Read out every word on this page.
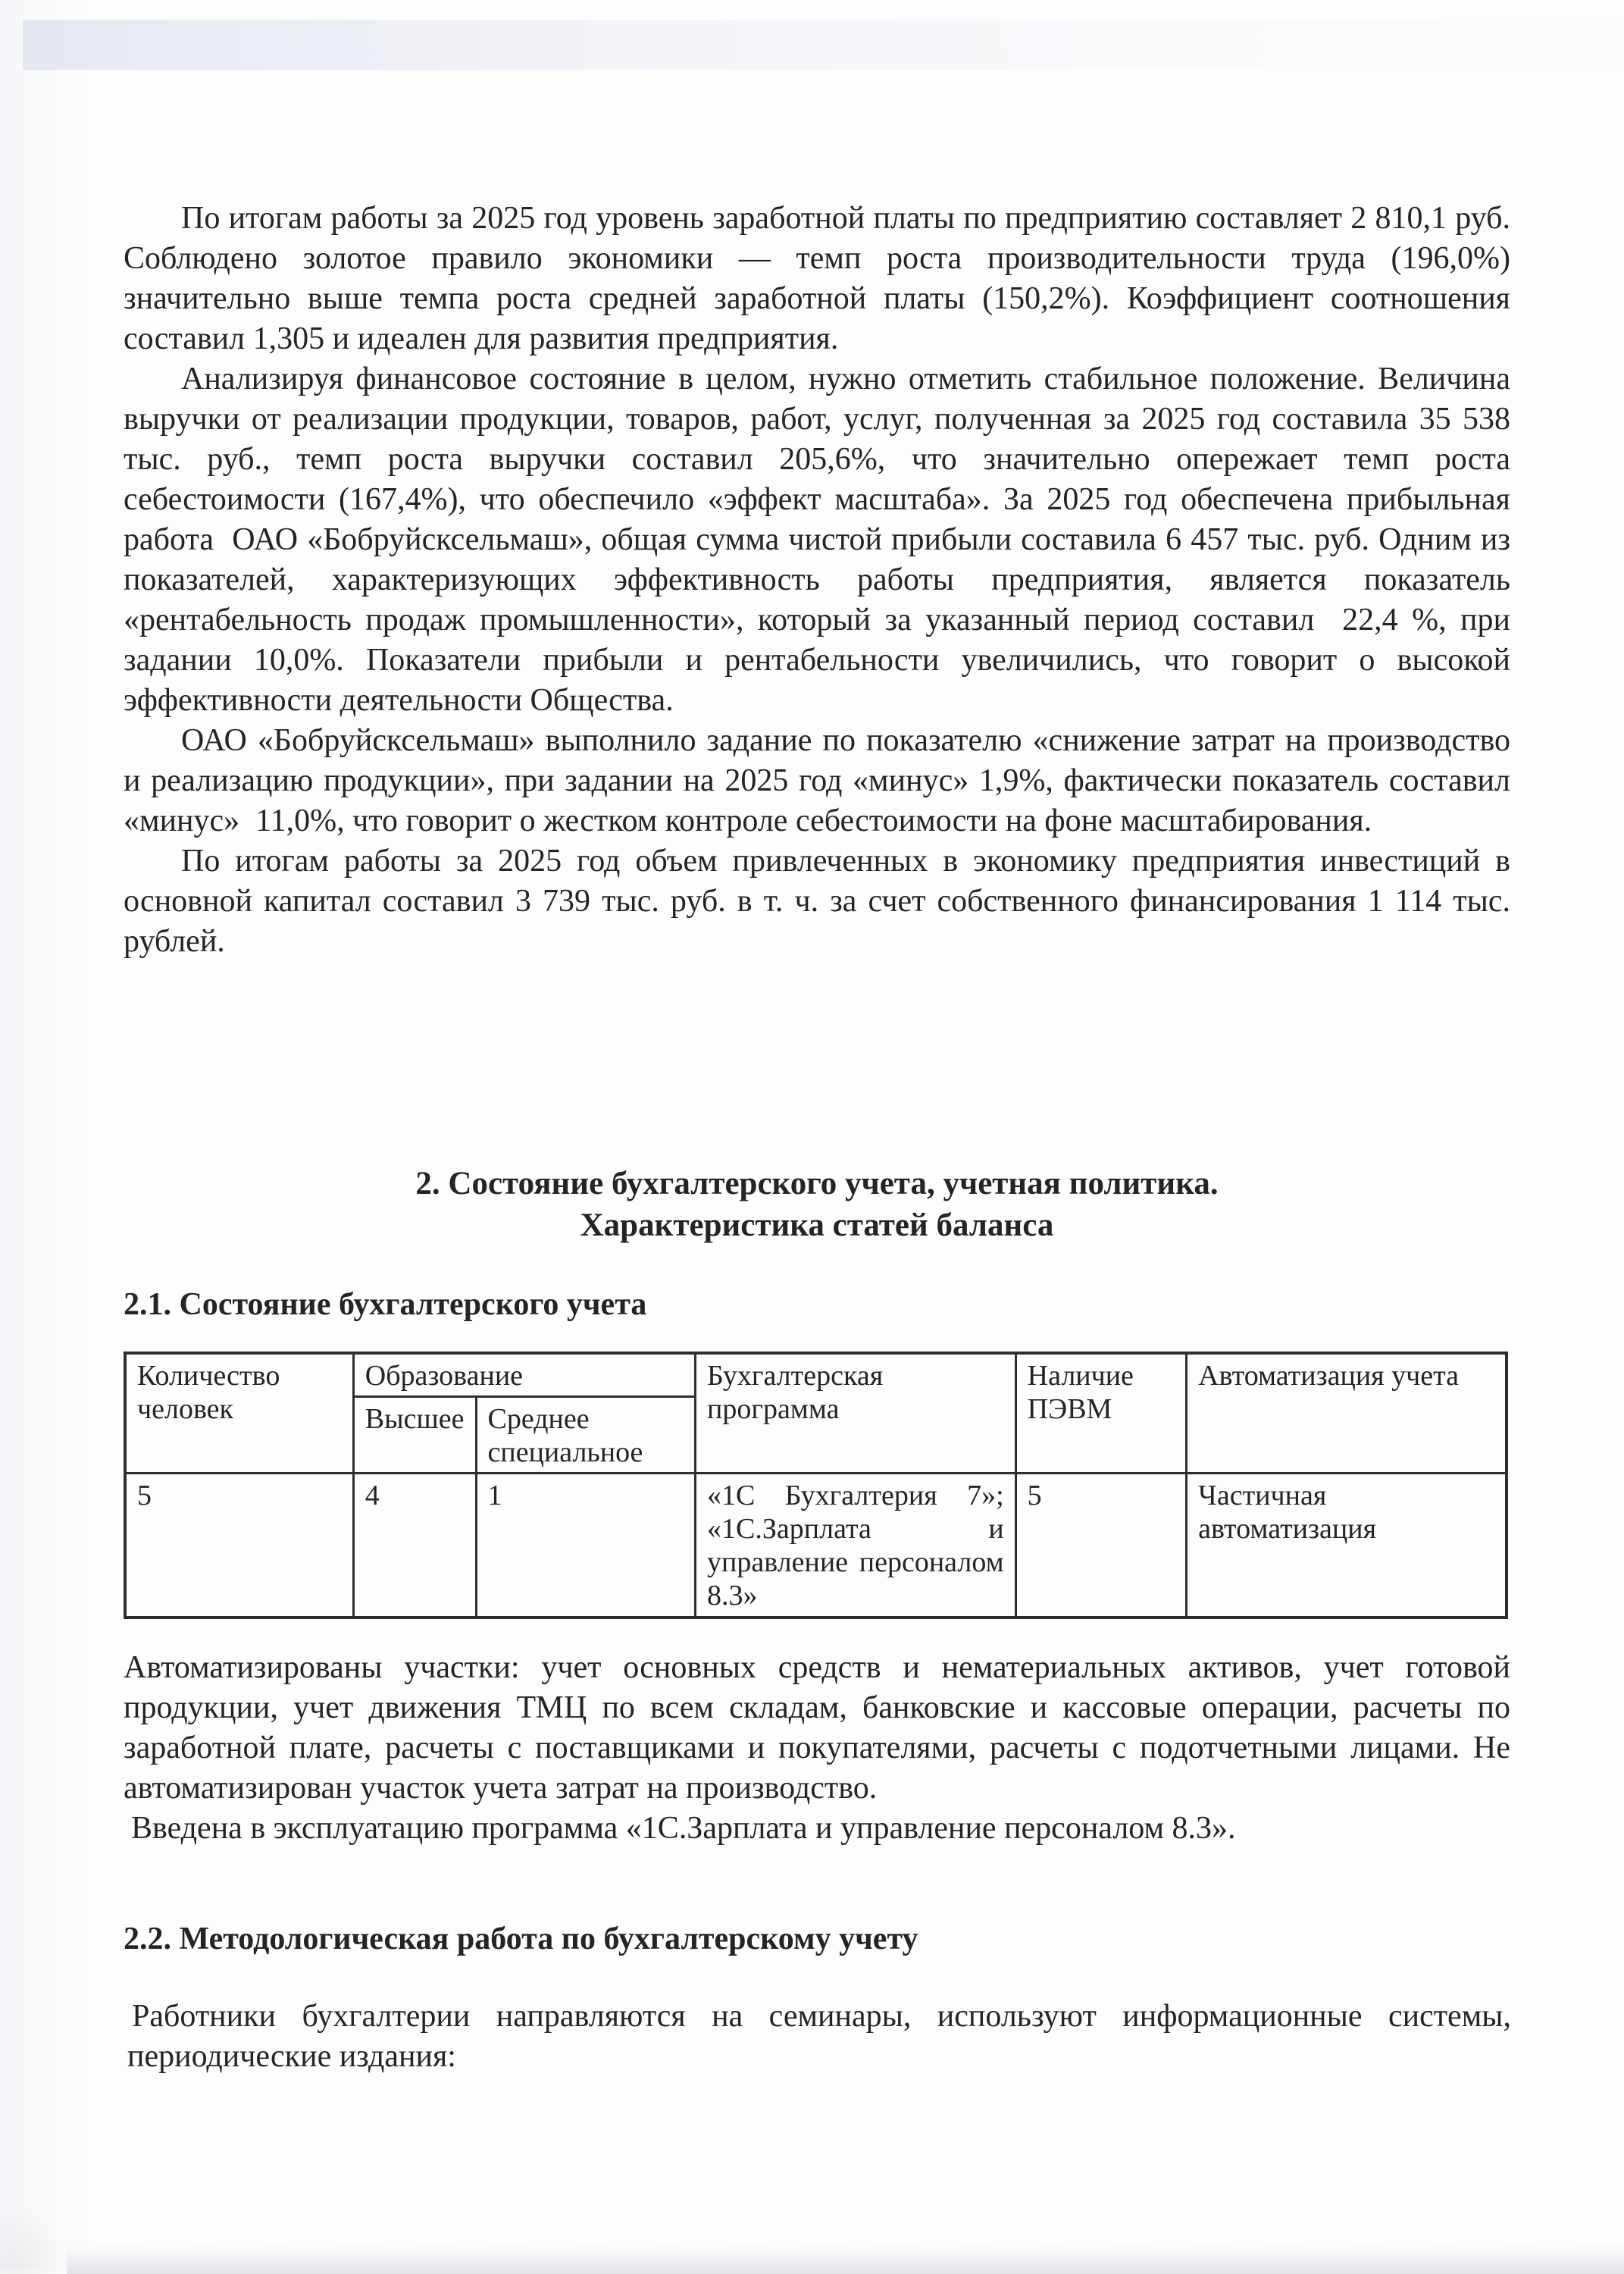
По итогам работы за 2025 год уровень заработной платы по предприятию составляет 2 810,1 руб. Соблюдено золотое правило экономики — темп роста производительности труда (196,0%) значительно выше темпа роста средней заработной платы (150,2%). Коэффициент соотношения составил 1,305 и идеален для развития предприятия.

Анализируя финансовое состояние в целом, нужно отметить стабильное положение. Величина выручки от реализации продукции, товаров, работ, услуг, полученная за 2025 год составила 35 538 тыс. руб., темп роста выручки составил 205,6%, что значительно опережает темп роста себестоимости (167,4%), что обеспечило «эффект масштаба». За 2025 год обеспечена прибыльная работа  ОАО «Бобруйсксельмаш», общая сумма чистой прибыли составила 6 457 тыс. руб. Одним из показателей, характеризующих эффективность работы предприятия, является показатель «рентабельность продаж промышленности», который за указанный период составил  22,4 %, при задании 10,0%. Показатели прибыли и рентабельности увеличились, что говорит о высокой эффективности деятельности Общества.

ОАО «Бобруйсксельмаш» выполнило задание по показателю «снижение затрат на производство и реализацию продукции», при задании на 2025 год «минус» 1,9%, фактически показатель составил «минус»  11,0%, что говорит о жестком контроле себестоимости на фоне масштабирования.

По итогам работы за 2025 год объем привлеченных в экономику предприятия инвестиций в основной капитал составил 3 739 тыс. руб. в т. ч. за счет собственного финансирования 1 114 тыс. рублей.

2. Состояние бухгалтерского учета, учетная политика.
Характеристика статей баланса
2.1. Состояние бухгалтерского учета
Количество человек	Образование		Бухгалтерская программа	Наличие ПЭВМ	Автоматизация учета
	Высшее	Среднее специальное			
5	4	1	«1С Бухгалтерия 7»; «1С.Зарплата и управление персоналом 8.3»	5	Частичная автоматизация

Автоматизированы участки: учет основных средств и нематериальных активов, учет готовой продукции, учет движения ТМЦ по всем складам, банковские и кассовые операции, расчеты по заработной плате, расчеты с поставщиками и покупателями, расчеты с подотчетными лицами. Не автоматизирован участок учета затрат на производство.

Введена в эксплуатацию программа «1С.Зарплата и управление персоналом 8.3».

2.2. Методологическая работа по бухгалтерскому учету

Работники бухгалтерии направляются на семинары, используют информационные системы, периодические издания:
